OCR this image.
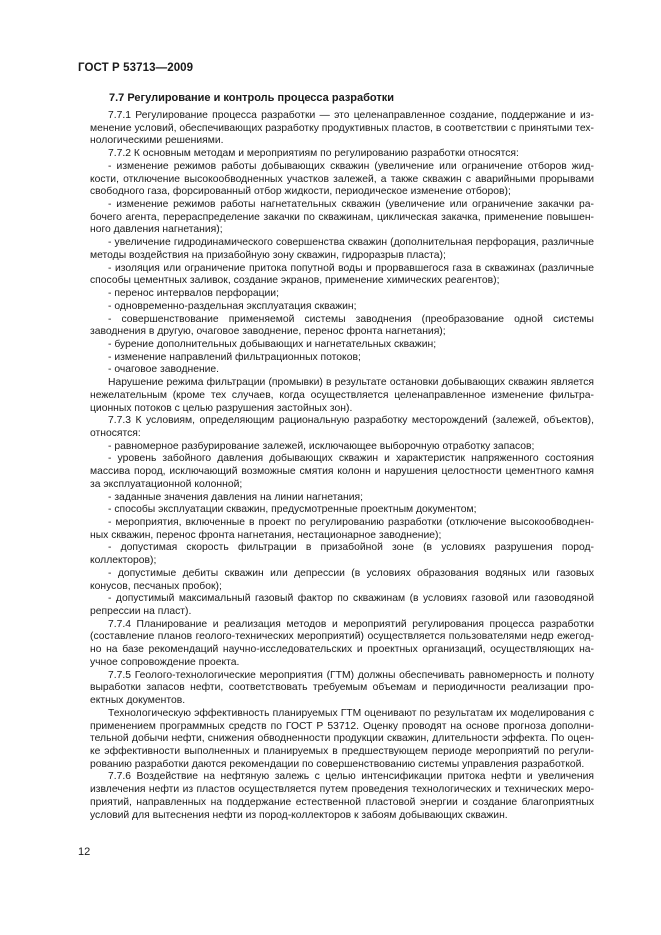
ГОСТ Р 53713—2009
7.7 Регулирование и контроль процесса разработки

7.7.1 Регулирование процесса разработки — это целенаправленное создание, поддержание и изменение условий, обеспечивающих разработку продуктивных пластов, в соответствии с принятыми технологическими решениями.

7.7.2 К основным методам и мероприятиям по регулированию разработки относятся:

- изменение режимов работы добывающих скважин (увеличение или ограничение отборов жидкости, отключение высокообводненных участков залежей, а также скважин с аварийными прорывами свободного газа, форсированный отбор жидкости, периодическое изменение отборов);

- изменение режимов работы нагнетательных скважин (увеличение или ограничение закачки рабочего агента, перераспределение закачки по скважинам, циклическая закачка, применение повышенного давления нагнетания);

- увеличение гидродинамического совершенства скважин (дополнительная перфорация, различные методы воздействия на призабойную зону скважин, гидроразрыв пласта);

- изоляция или ограничение притока попутной воды и прорвавшегося газа в скважинах (различные способы цементных заливок, создание экранов, применение химических реагентов);

- перенос интервалов перфорации;

- одновременно-раздельная эксплуатация скважин;

- совершенствование применяемой системы заводнения (преобразование одной системы заводнения в другую, очаговое заводнение, перенос фронта нагнетания);

- бурение дополнительных добывающих и нагнетательных скважин;

- изменение направлений фильтрационных потоков;

- очаговое заводнение.

Нарушение режима фильтрации (промывки) в результате остановки добывающих скважин является нежелательным (кроме тех случаев, когда осуществляется целенаправленное изменение фильтрационных потоков с целью разрушения застойных зон).

7.7.3 К условиям, определяющим рациональную разработку месторождений (залежей, объектов), относятся:

- равномерное разбурирование залежей, исключающее выборочную отработку запасов;

- уровень забойного давления добывающих скважин и характеристик напряженного состояния массива пород, исключающий возможные смятия колонн и нарушения целостности цементного камня за эксплуатационной колонной;

- заданные значения давления на линии нагнетания;

- способы эксплуатации скважин, предусмотренные проектным документом;

- мероприятия, включенные в проект по регулированию разработки (отключение высокообводненных скважин, перенос фронта нагнетания, нестационарное заводнение);

- допустимая скорость фильтрации в призабойной зоне (в условиях разрушения пород-коллекторов);

- допустимые дебиты скважин или депрессии (в условиях образования водяных или газовых конусов, песчаных пробок);

- допустимый максимальный газовый фактор по скважинам (в условиях газовой или газоводяной репрессии на пласт).

7.7.4 Планирование и реализация методов и мероприятий регулирования процесса разработки (составление планов геолого-технических мероприятий) осуществляется пользователями недр ежегодно на базе рекомендаций научно-исследовательских и проектных организаций, осуществляющих научное сопровождение проекта.

7.7.5 Геолого-технологические мероприятия (ГТМ) должны обеспечивать равномерность и полноту выработки запасов нефти, соответствовать требуемым объемам и периодичности реализации проектных документов.

Технологическую эффективность планируемых ГТМ оценивают по результатам их моделирования с применением программных средств по ГОСТ Р 53712. Оценку проводят на основе прогноза дополнительной добычи нефти, снижения обводненности продукции скважин, длительности эффекта. По оценке эффективности выполненных и планируемых в предшествующем периоде мероприятий по регулированию разработки даются рекомендации по совершенствованию системы управления разработкой.

7.7.6 Воздействие на нефтяную залежь с целью интенсификации притока нефти и увеличения извлечения нефти из пластов осуществляется путем проведения технологических и технических мероприятий, направленных на поддержание естественной пластовой энергии и создание благоприятных условий для вытеснения нефти из пород-коллекторов к забоям добывающих скважин.

12
